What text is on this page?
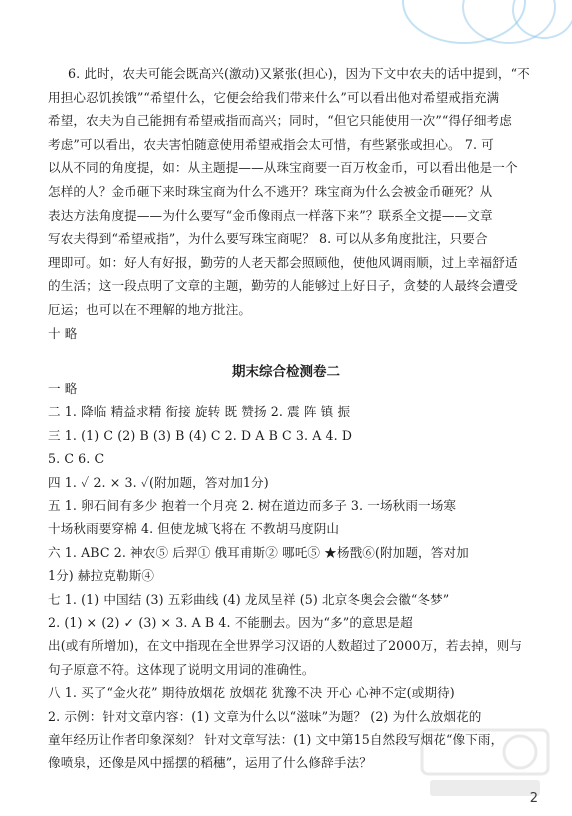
6. 此时，农夫可能会既高兴(激动)又紧张(担心)，因为下文中农夫的话中提到，“不
用担心忍饥挨饿”“希望什么，它便会给我们带来什么”可以看出他对希望戒指充满
希望，农夫为自己能拥有希望戒指而高兴；同时，“但它只能使用一次”“得仔细考虑
考虑”可以看出，农夫害怕随意使用希望戒指会太可惜，有些紧张或担心。 7. 可
以从不同的角度提，如：从主题提——从珠宝商要一百万枚金币，可以看出他是一个
怎样的人？金币砸下来时珠宝商为什么不逃开？珠宝商为什么会被金币砸死？从
表达方法角度提——为什么要写“金币像雨点一样落下来”？联系全文提——文章
写农夫得到“希望戒指”，为什么要写珠宝商呢？ 8. 可以从多角度批注，只要合
理即可。如：好人有好报，勤劳的人老天都会照顾他，使他风调雨顺，过上幸福舒适
的生活；这一段点明了文章的主题，勤劳的人能够过上好日子，贪婪的人最终会遭受
厄运；也可以在不理解的地方批注。
十 略
期末综合检测卷二
一 略
二 1. 降临 精益求精 衔接 旋转 既 赞扬 2. 震 阵 镇 振
三 1. (1) C (2) B (3) B (4) C 2. D A B C 3. A 4. D
5. C 6. C
四 1. ✓ 2. × 3. ✓(附加题，答对加1分)
五 1. 卵石间有多少 抱着一个月亮 2. 树在道边而多子 3. 一场秋雨一场寒
十场秋雨要穿棉 4. 但使龙城飞将在 不教胡马度阴山
六 1. ABC 2. 神农⑤ 后羿① 俄耳甫斯② 哪吒⑤ ★杨戬⑥(附加题，答对加
1分) 赫拉克勒斯④
七 1. (1) 中国结 (3) 五彩曲线 (4) 龙凤呈祥 (5) 北京冬奥会会徽“冬梦”
2. (1) × (2) ✓ (3) × 3. A B 4. 不能删去。因为“多”的意思是超
出(或有所增加)，在文中指现在全世界学习汉语的人数超过了2000万，若去掉，则与
句子原意不符。这体现了说明文用词的准确性。
八 1. 买了“金火花” 期待放烟花 放烟花 犹豫不决 开心 心神不定(或期待)
2. 示例：针对文章内容：(1) 文章为什么以“滋味”为题？ (2) 为什么放烟花的
童年经历让作者印象深刻？ 针对文章写法：(1) 文中第15自然段写烟花“像下雨，
像喷泉，还像是风中摇摆的稻穗”，运用了什么修辞手法？
2
